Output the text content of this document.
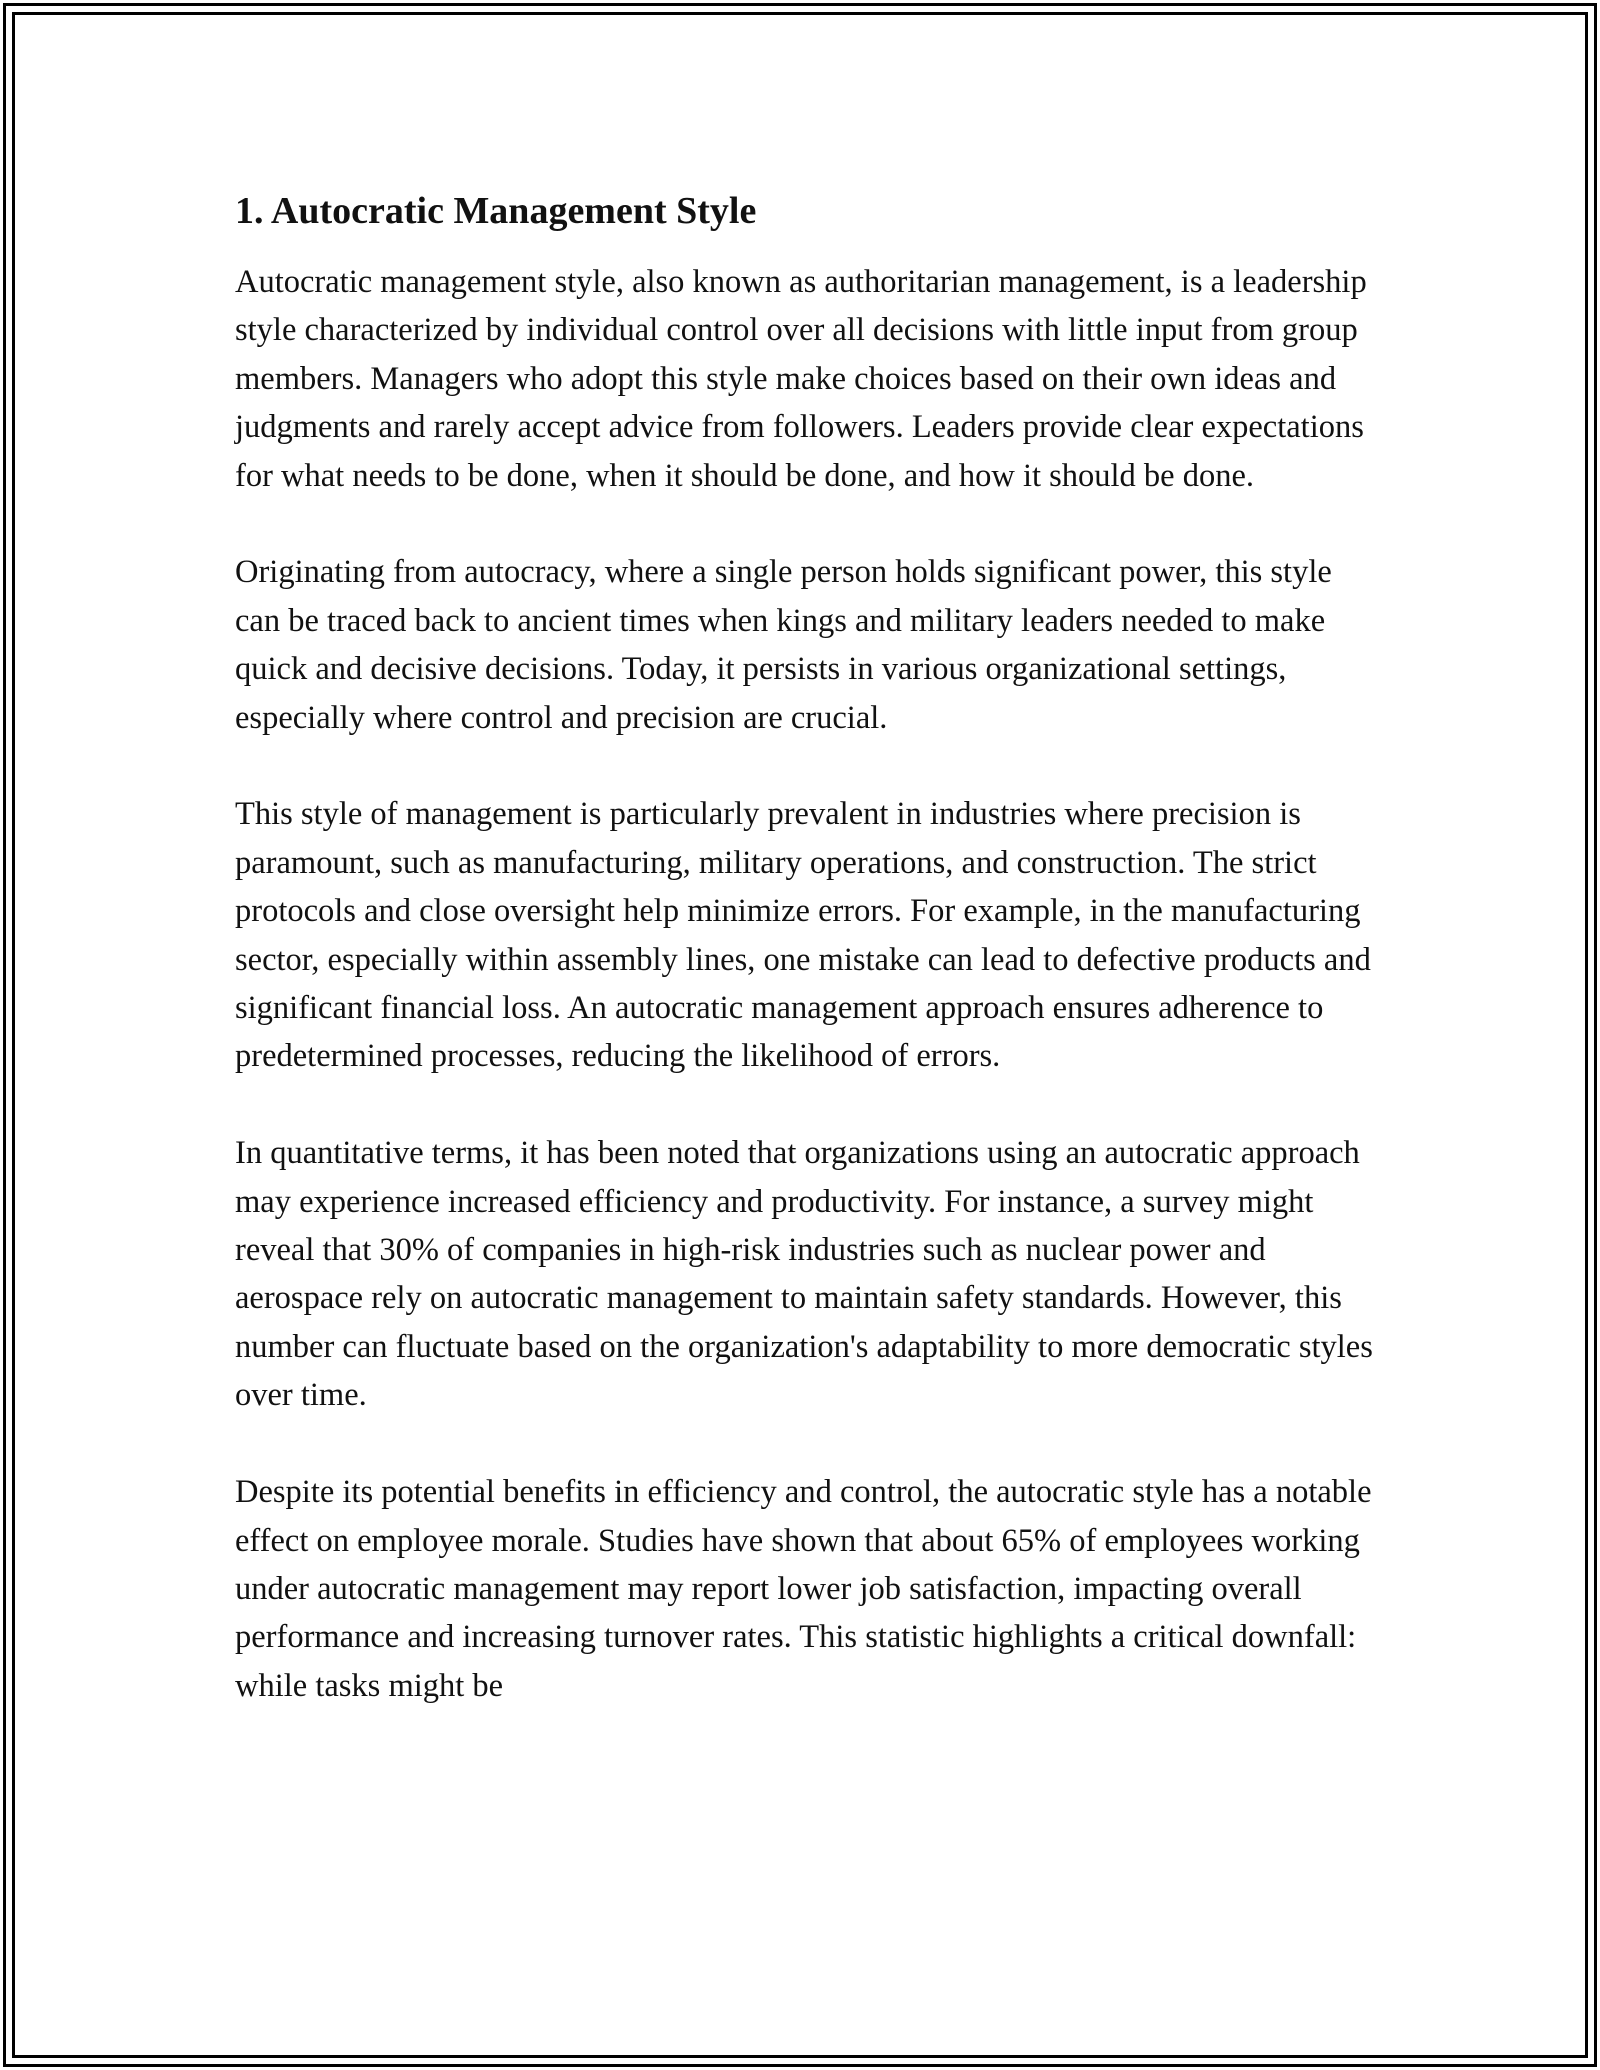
1. Autocratic Management Style

Autocratic management style, also known as authoritarian management, is a leadership style characterized by individual control over all decisions with little input from group members. Managers who adopt this style make choices based on their own ideas and judgments and rarely accept advice from followers. Leaders provide clear expectations for what needs to be done, when it should be done, and how it should be done.

Originating from autocracy, where a single person holds significant power, this style can be traced back to ancient times when kings and military leaders needed to make quick and decisive decisions. Today, it persists in various organizational settings, especially where control and precision are crucial.

This style of management is particularly prevalent in industries where precision is paramount, such as manufacturing, military operations, and construction. The strict protocols and close oversight help minimize errors. For example, in the manufacturing sector, especially within assembly lines, one mistake can lead to defective products and significant financial loss. An autocratic management approach ensures adherence to predetermined processes, reducing the likelihood of errors.

In quantitative terms, it has been noted that organizations using an autocratic approach may experience increased efficiency and productivity. For instance, a survey might reveal that 30% of companies in high-risk industries such as nuclear power and aerospace rely on autocratic management to maintain safety standards. However, this number can fluctuate based on the organization's adaptability to more democratic styles over time.

Despite its potential benefits in efficiency and control, the autocratic style has a notable effect on employee morale. Studies have shown that about 65% of employees working under autocratic management may report lower job satisfaction, impacting overall performance and increasing turnover rates. This statistic highlights a critical downfall: while tasks might be
